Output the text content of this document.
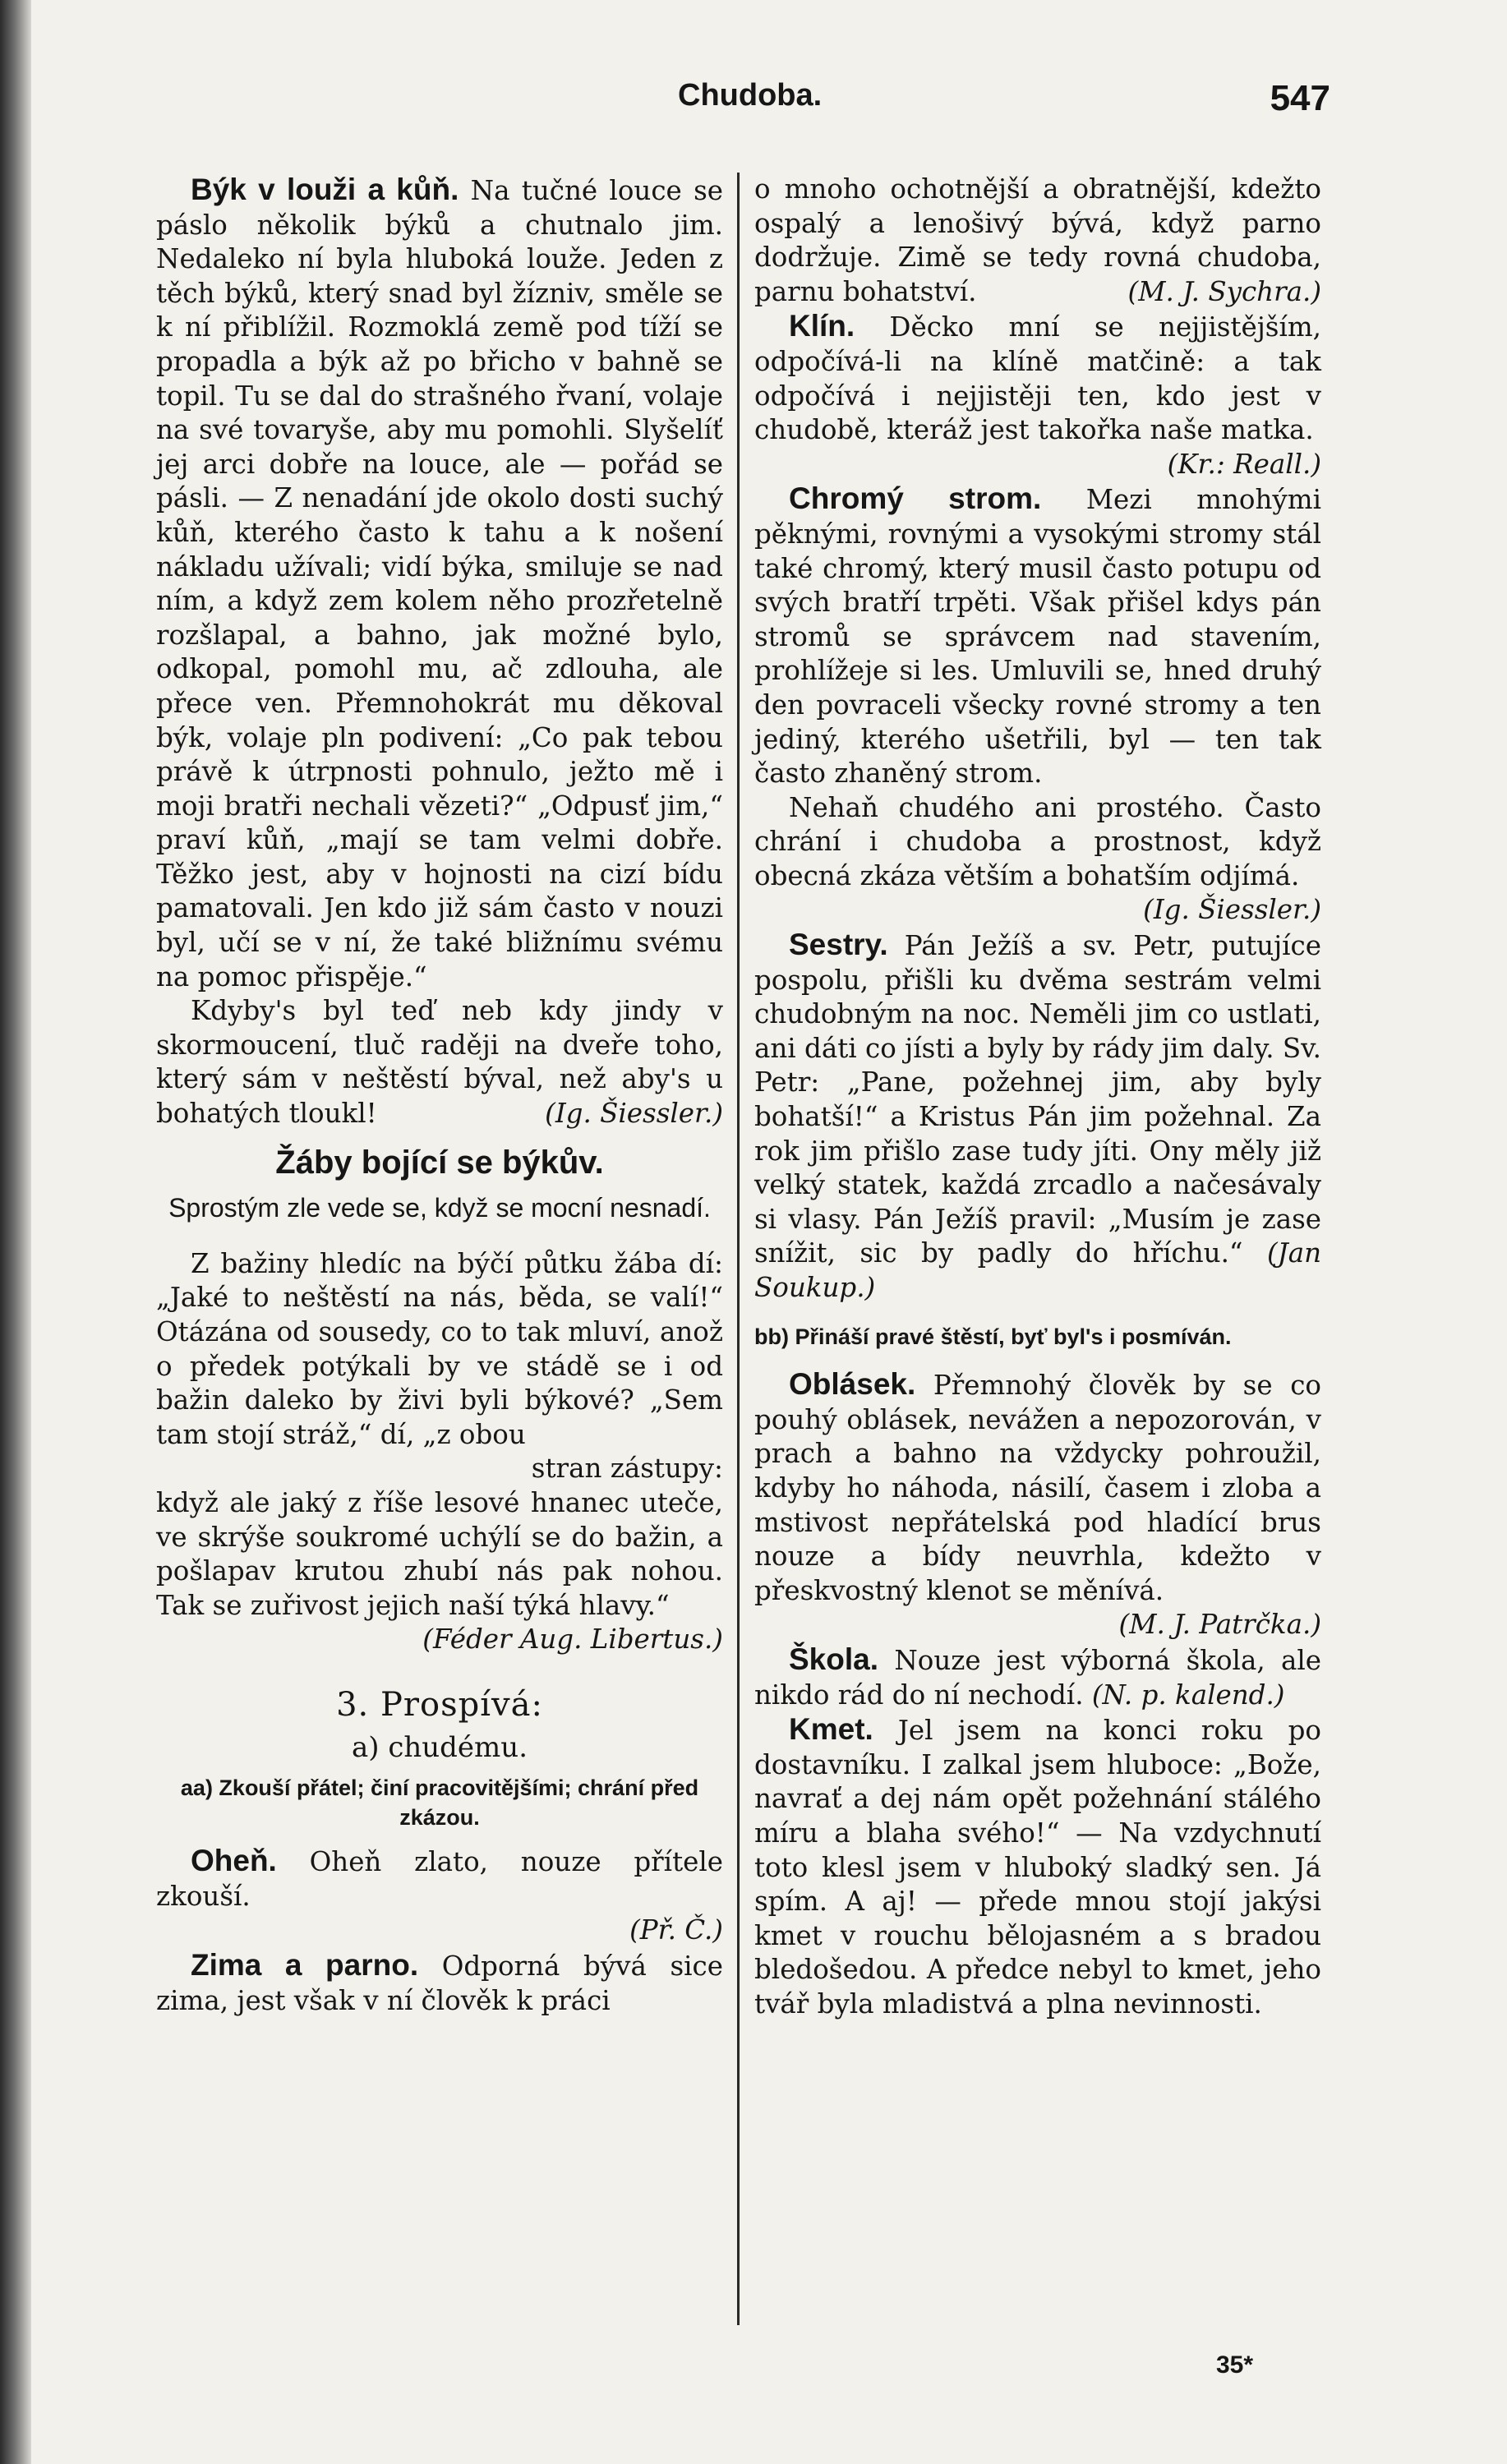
Chudoba.	547

Býk v louži a kůň. Na tučné louce se páslo několik býků a chutnalo jim. Nedaleko ní byla hluboká louže. Jeden z těch býků, který snad byl žízniv, směle se k ní přiblížil. Rozmoklá země pod tíží se propadla a býk až po břicho v bahně se topil. Tu se dal do strašného řvaní, volaje na své tovaryše, aby mu pomohli. Slyšelíť jej arci dobře na louce, ale — pořád se pásli. — Z nenadání jde okolo dosti suchý kůň, kterého často k tahu a k nošení nákladu užívali; vidí býka, smiluje se nad ním, a když zem kolem něho prozřetelně rozšlapal, a bahno, jak možné bylo, odkopal, pomohl mu, ač zdlouha, ale přece ven. Přemnohokrát mu děkoval býk, volaje pln podivení: „Co pak tebou právě k útrpnosti pohnulo, ježto mě i moji bratři nechali vězeti?“ „Odpusť jim,“ praví kůň, „mají se tam velmi dobře. Těžko jest, aby v hojnosti na cizí bídu pamatovali. Jen kdo již sám často v nouzi byl, učí se v ní, že také bližnímu svému na pomoc přispěje.“

Kdyby's byl teď neb kdy jindy v skormoucení, tluč raději na dveře toho, který sám v neštěstí býval, než aby's u bohatých tloukl!	(Ig. Šiessler.)

Žáby bojící se býkův.
Sprostým zle vede se, když se mocní nesnadí.

Z bažiny hledíc na býčí půtku žába dí: „Jaké to neštěstí na nás, běda, se valí!“ Otázána od sousedy, co to tak mluví, anož o předek potýkali by ve stádě se i od bažin daleko by živi byli býkové? „Sem tam stojí stráž,“ dí, „z obou

stran zástupy:

když ale jaký z říše lesové hnanec uteče, ve skrýše soukromé uchýlí se do bažin, a pošlapav krutou zhubí nás pak nohou. Tak se zuřivost jejich naší týká hlavy.“

(Féder Aug. Libertus.)
3. Prospívá:
a) chudému.
aa) Zkouší přátel; činí pracovitějšími; chrání před zkázou.

Oheň. Oheň zlato, nouze přítele zkouší.

(Př. Č.)

Zima a parno. Odporná bývá sice zima, jest však v ní člověk k práci

o mnoho ochotnější a obratnější, kdežto ospalý a lenošivý bývá, když parno dodržuje. Zimě se tedy rovná chudoba, parnu bohatství.	(M. J. Sychra.)

Klín. Děcko mní se nejjistějším, odpočívá-li na klíně matčině: a tak odpočívá i nejjistěji ten, kdo jest v chudobě, kteráž jest takořka naše matka.

(Kr.: Reall.)

Chromý strom. Mezi mnohými pěknými, rovnými a vysokými stromy stál také chromý, který musil často potupu od svých bratří trpěti. Však přišel kdys pán stromů se správcem nad stavením, prohlížeje si les. Umluvili se, hned druhý den povraceli všecky rovné stromy a ten jediný, kterého ušetřili, byl — ten tak často zhaněný strom.

Nehaň chudého ani prostého. Často chrání i chudoba a prostnost, když obecná zkáza větším a bohatším odjímá.

(Ig. Šiessler.)

Sestry. Pán Ježíš a sv. Petr, putujíce pospolu, přišli ku dvěma sestrám velmi chudobným na noc. Neměli jim co ustlati, ani dáti co jísti a byly by rády jim daly. Sv. Petr: „Pane, požehnej jim, aby byly bohatší!“ a Kristus Pán jim požehnal. Za rok jim přišlo zase tudy jíti. Ony měly již velký statek, každá zrcadlo a načesávaly si vlasy. Pán Ježíš pravil: „Musím je zase snížit, sic by padly do hříchu.“ (Jan Soukup.)

bb) Přináší pravé štěstí, byť byl's i posmíván.

Oblásek. Přemnohý člověk by se co pouhý oblásek, nevážen a nepozorován, v prach a bahno na vždycky pohroužil, kdyby ho náhoda, násilí, časem i zloba a mstivost nepřátelská pod hladící brus nouze a bídy neuvrhla, kdežto v přeskvostný klenot se měnívá.

(M. J. Patrčka.)

Škola. Nouze jest výborná škola, ale nikdo rád do ní nechodí. (N. p. kalend.)

Kmet. Jel jsem na konci roku po dostavníku. I zalkal jsem hluboce: „Bože, navrať a dej nám opět požehnání stálého míru a blaha svého!“ — Na vzdychnutí toto klesl jsem v hluboký sladký sen. Já spím. A aj! — přede mnou stojí jakýsi kmet v rouchu bělojasném a s bradou bledošedou. A předce nebyl to kmet, jeho tvář byla mladistvá a plna nevinnosti.

35*
